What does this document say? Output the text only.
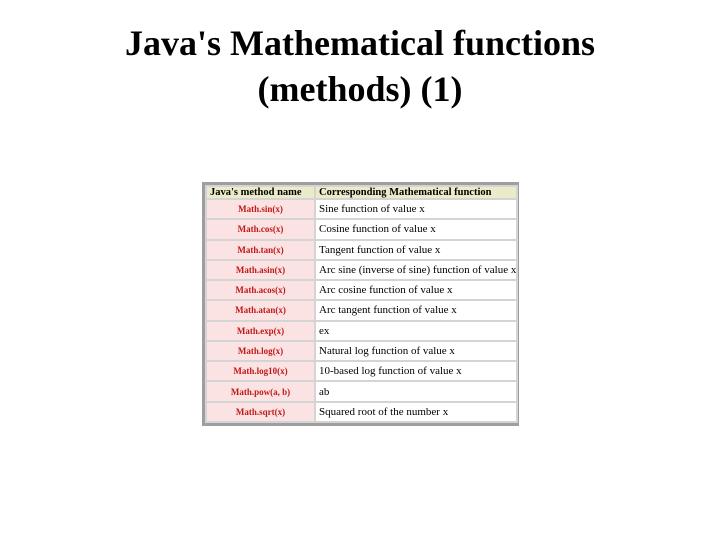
Java's Mathematical functions
(methods) (1)
Java's method name	Corresponding Mathematical function
Math.sin(x)	Sine function of value x
Math.cos(x)	Cosine function of value x
Math.tan(x)	Tangent function of value x
Math.asin(x)	Arc sine (inverse of sine) function of value x
Math.acos(x)	Arc cosine function of value x
Math.atan(x)	Arc tangent function of value x
Math.exp(x)	ex
Math.log(x)	Natural log function of value x
Math.log10(x)	10-based log function of value x
Math.pow(a, b)	ab
Math.sqrt(x)	Squared root of the number x
